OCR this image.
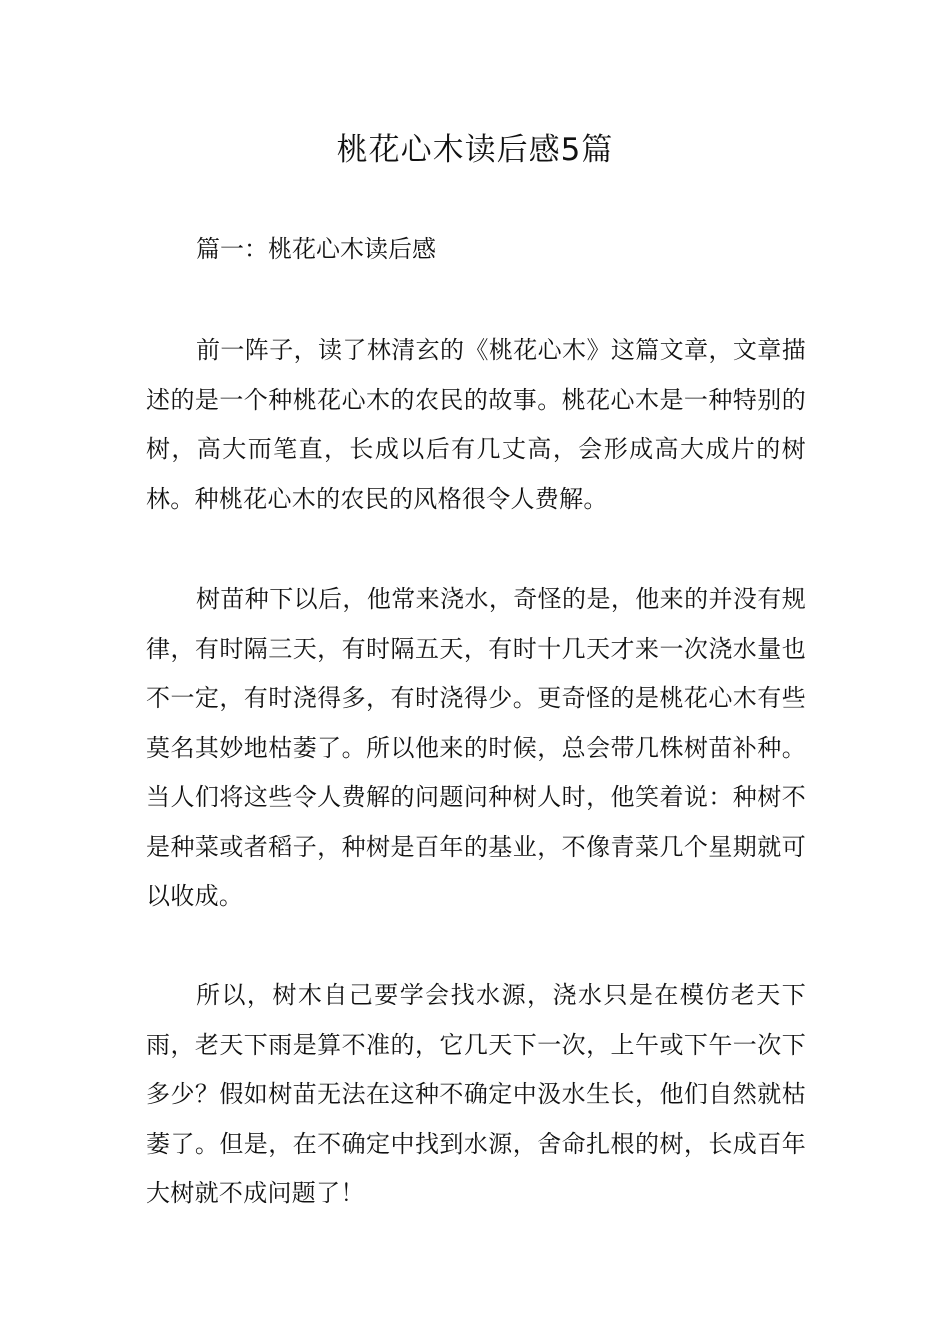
桃花心木读后感5篇
篇一：桃花心木读后感

前一阵子，读了林清玄的《桃花心木》这篇文章，文章描述的是一个种桃花心木的农民的故事。桃花心木是一种特别的树，高大而笔直，长成以后有几丈高，会形成高大成片的树林。种桃花心木的农民的风格很令人费解。

树苗种下以后，他常来浇水，奇怪的是，他来的并没有规律，有时隔三天，有时隔五天，有时十几天才来一次浇水量也不一定，有时浇得多，有时浇得少。更奇怪的是桃花心木有些莫名其妙地枯萎了。所以他来的时候，总会带几株树苗补种。当人们将这些令人费解的问题问种树人时，他笑着说：种树不是种菜或者稻子，种树是百年的基业，不像青菜几个星期就可以收成。

所以，树木自己要学会找水源，浇水只是在模仿老天下雨，老天下雨是算不准的，它几天下一次，上午或下午一次下多少？假如树苗无法在这种不确定中汲水生长，他们自然就枯萎了。但是，在不确定中找到水源，舍命扎根的树，长成百年大树就不成问题了！
